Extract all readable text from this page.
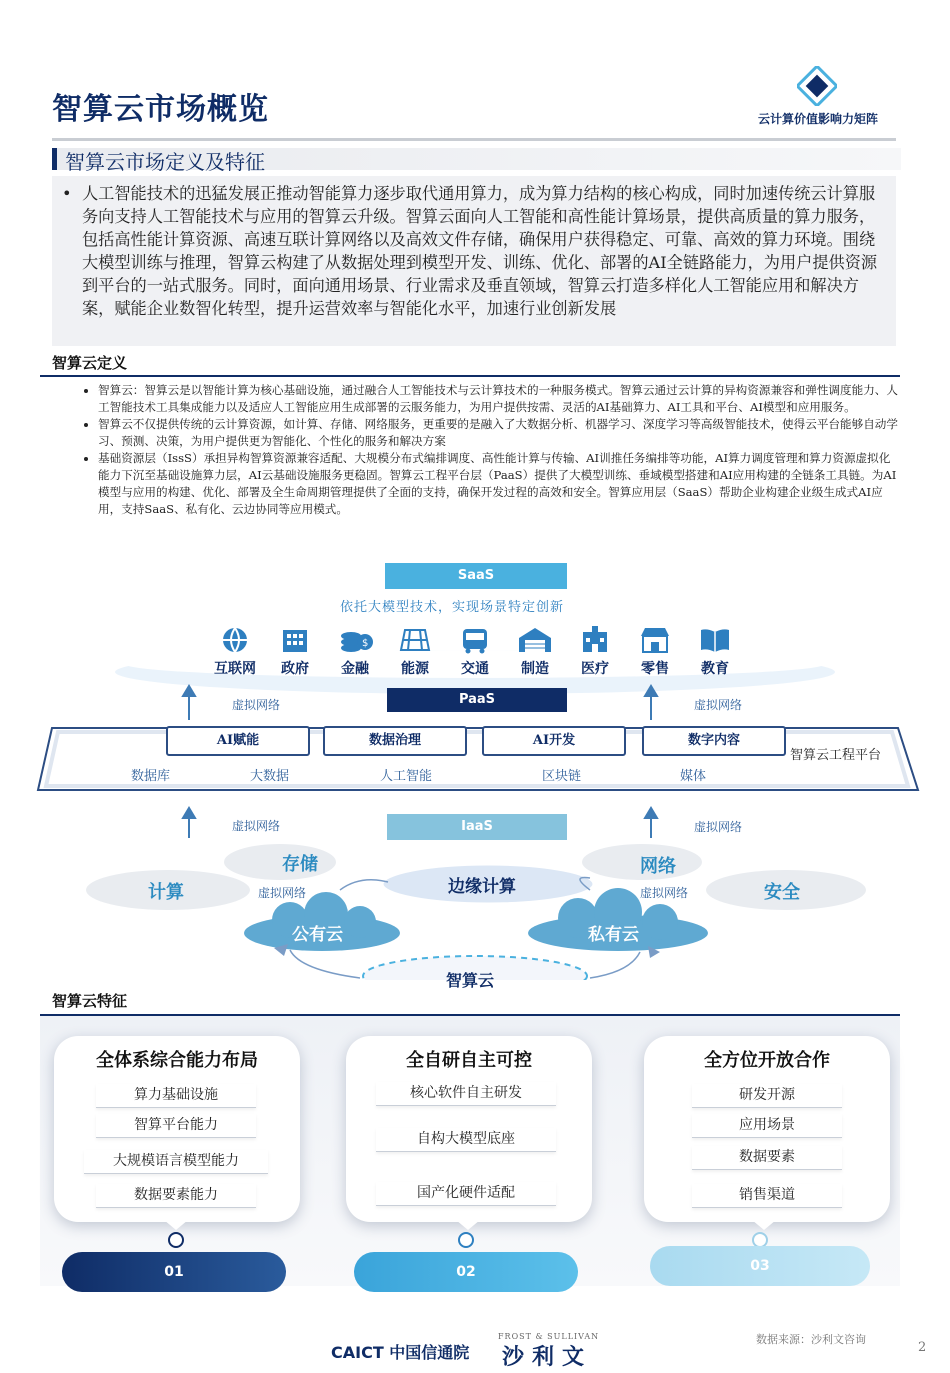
智算云市场概览	云计算价值影响力矩阵
智算云市场定义及特征

• 人工智能技术的迅猛发展正推动智能算力逐步取代通用算力，成为算力结构的核心构成，同时加速传统云计算服务向支持人工智能技术与应用的智算云升级。智算云面向人工智能和高性能计算场景，提供高质量的算力服务，包括高性能计算资源、高速互联计算网络以及高效文件存储，确保用户获得稳定、可靠、高效的算力环境。围绕大模型训练与推理，智算云构建了从数据处理到模型开发、训练、优化、部署的AI全链路能力，为用户提供资源到平台的一站式服务。同时，面向通用场景、行业需求及垂直领域，智算云打造多样化人工智能应用和解决方案，赋能企业数智化转型，提升运营效率与智能化水平，加速行业创新发展

智算云定义
• 智算云：智算云是以智能计算为核心基础设施，通过融合人工智能技术与云计算技术的一种服务模式。智算云通过云计算的异构资源兼容和弹性调度能力、人工智能技术工具集成能力以及适应人工智能应用生成部署的云服务能力，为用户提供按需、灵活的AI基础算力、AI工具和平台、AI模型和应用服务。
• 智算云不仅提供传统的云计算资源，如计算、存储、网络服务，更重要的是融入了大数据分析、机器学习、深度学习等高级智能技术，使得云平台能够自动学习、预测、决策，为用户提供更为智能化、个性化的服务和解决方案
• 基础资源层（IssS）承担异构智算资源兼容适配、大规模分布式编排调度、高性能计算与传输、AI训推任务编排等功能，AI算力调度管理和算力资源虚拟化能力下沉至基础设施算力层，AI云基础设施服务更稳固。智算云工程平台层（PaaS）提供了大模型训练、垂域模型搭建和AI应用构建的全链条工具链。为AI模型与应用的构建、优化、部署及全生命周期管理提供了全面的支持，确保开发过程的高效和安全。智算应用层（SaaS）帮助企业构建企业级生成式AI应用，支持SaaS、私有化、云边协同等应用模式。
SaaS
依托大模型技术，实现场景特定创新
互联网	政府
$
金融	能源	交通	制造	医疗	零售	教育
PaaS
虚拟网络	虚拟网络
AI赋能	数据治理	AI开发	数字内容
智算云工程平台
数据库	大数据	人工智能	区块链	媒体
IaaS
虚拟网络	虚拟网络
存储	网络
计算	安全
边缘计算
虚拟网络	虚拟网络
公有云	私有云
智算云
智算云特征
全体系综合能力布局
算力基础设施
智算平台能力
大规模语言模型能力
数据要素能力
01
全自研自主可控
核心软件自主研发
自构大模型底座
国产化硬件适配
02
全方位开放合作
研发开源
应用场景
数据要素
销售渠道
03
CAICT 中国信通院
FROST & SULLIVAN
沙利文
数据来源：沙利文咨询
2
